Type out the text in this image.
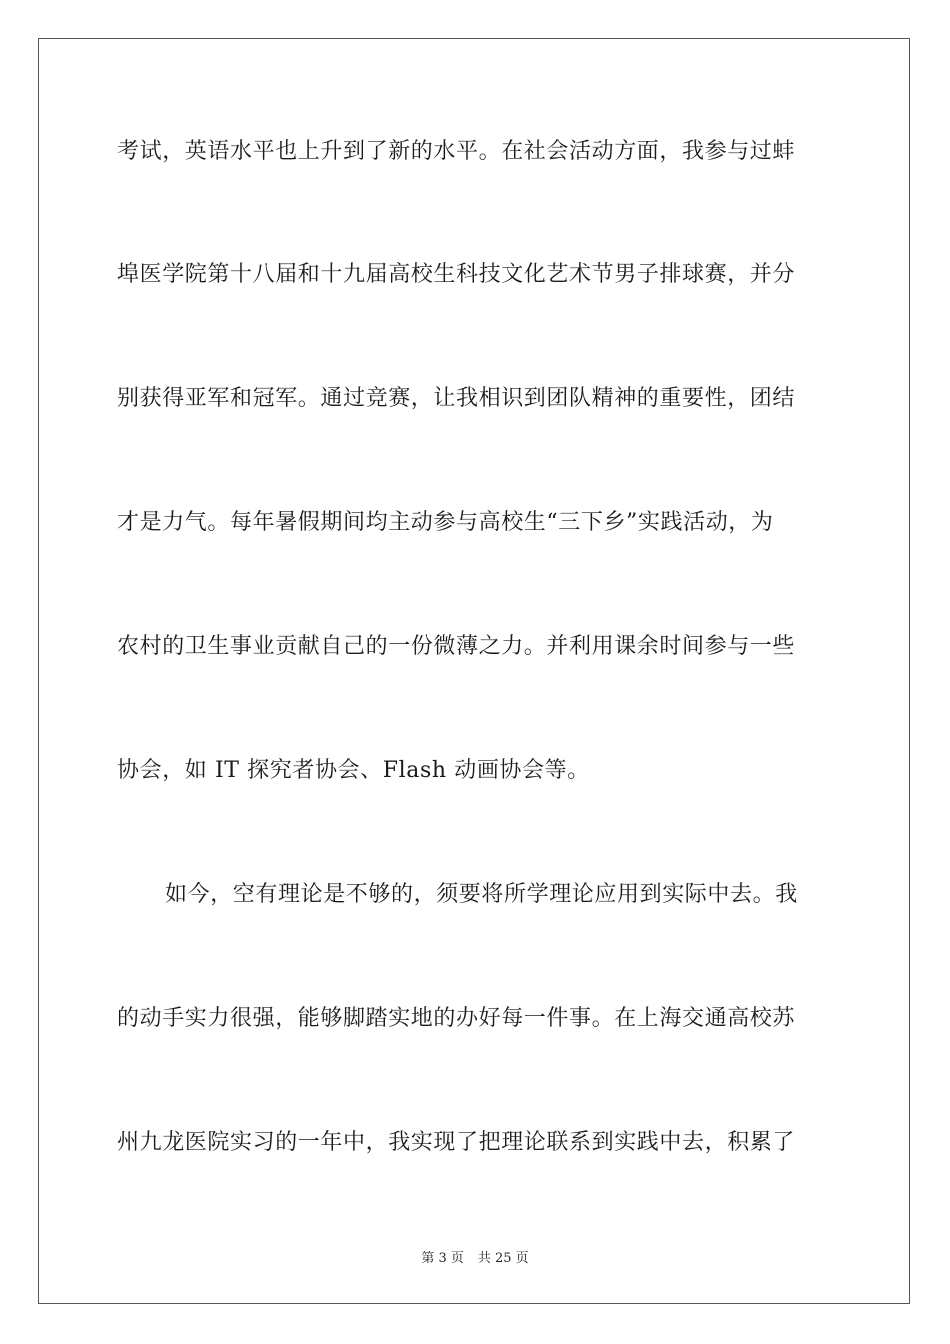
考试，英语水平也上升到了新的水平。在社会活动方面，我参与过蚌
埠医学院第十八届和十九届高校生科技文化艺术节男子排球赛，并分
别获得亚军和冠军。通过竞赛，让我相识到团队精神的重要性，团结
才是力气。每年暑假期间均主动参与高校生“三下乡”实践活动，为
农村的卫生事业贡献自己的一份微薄之力。并利用课余时间参与一些
协会，如 IT 探究者协会、Flash 动画协会等。
如今，空有理论是不够的，须要将所学理论应用到实际中去。我
的动手实力很强，能够脚踏实地的办好每一件事。在上海交通高校苏
州九龙医院实习的一年中，我实现了把理论联系到实践中去，积累了
第 3 页 共 25 页
